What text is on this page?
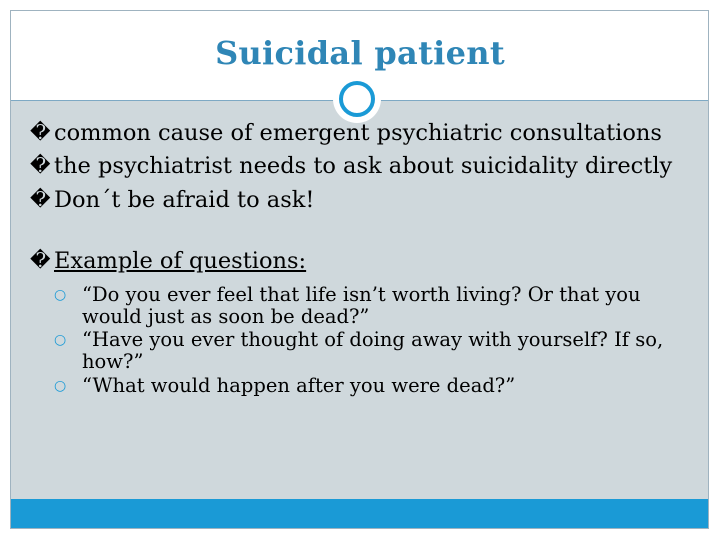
Suicidal patient
� common cause of emergent psychiatric consultations
� the psychiatrist needs to ask about suicidality directly
� Don´t be afraid to ask!
� Example of questions:
○ “Do you ever feel that life isn’t worth living? Or that you would just as soon be dead?”
○ “Have you ever thought of doing away with yourself? If so, how?”
○ “What would happen after you were dead?”
